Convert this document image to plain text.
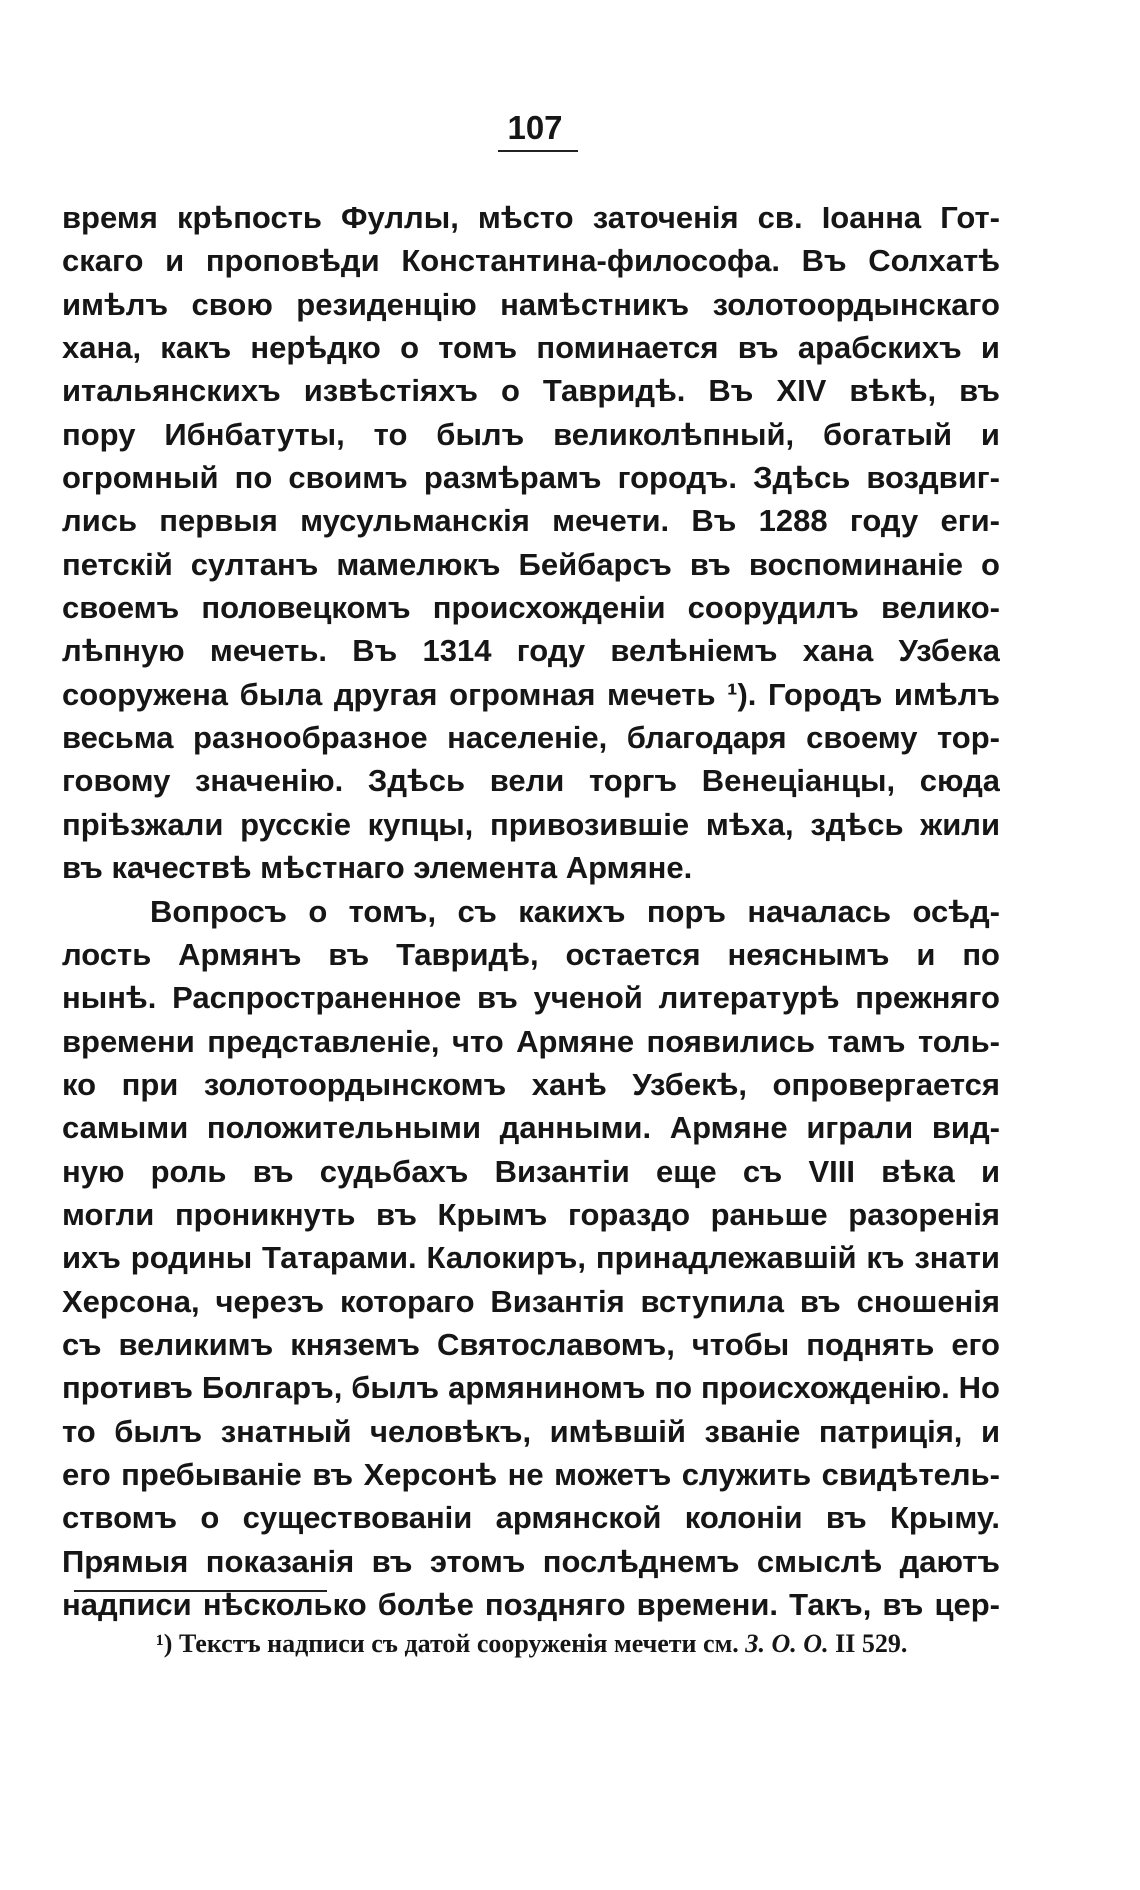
107
время крѣпость Фуллы, мѣсто заточенія св. Іоанна Гот-
скаго и проповѣди Константина-философа. Въ Солхатѣ
имѣлъ свою резиденцію намѣстникъ золотоордынскаго
хана, какъ нерѣдко о томъ поминается въ арабскихъ и
итальянскихъ извѣстіяхъ о Тавридѣ. Въ XIV вѣкѣ, въ
пору Ибнбатуты, то былъ великолѣпный, богатый и
огромный по своимъ размѣрамъ городъ. Здѣсь воздвиг-
лись первыя мусульманскія мечети. Въ 1288 году еги-
петскій султанъ мамелюкъ Бейбарсъ въ воспоминаніе о
своемъ половецкомъ происхожденіи соорудилъ велико-
лѣпную мечеть. Въ 1314 году велѣніемъ хана Узбека
сооружена была другая огромная мечеть ¹). Городъ имѣлъ
весьма разнообразное населеніе, благодаря своему тор-
говому значенію. Здѣсь вели торгъ Венеціанцы, сюда
пріѣзжали русскіе купцы, привозившіе мѣха, здѣсь жили
въ качествѣ мѣстнаго элемента Армяне.
Вопросъ о томъ, съ какихъ поръ началась осѣд-
лость Армянъ въ Тавридѣ, остается неяснымъ и по
нынѣ. Распространенное въ ученой литературѣ прежняго
времени представленіе, что Армяне появились тамъ толь-
ко при золотоордынскомъ ханѣ Узбекѣ, опровергается
самыми положительными данными. Армяне играли вид-
ную роль въ судьбахъ Византіи еще съ VIII вѣка и
могли проникнуть въ Крымъ гораздо раньше разоренія
ихъ родины Татарами. Калокиръ, принадлежавшій къ знати
Херсона, черезъ котораго Византія вступила въ сношенія
съ великимъ княземъ Святославомъ, чтобы поднять его
противъ Болгаръ, былъ армяниномъ по происхожденію. Но
то былъ знатный человѣкъ, имѣвшій званіе патриція, и
его пребываніе въ Херсонѣ не можетъ служить свидѣтель-
ствомъ о существованіи армянской колоніи въ Крыму.
Прямыя показанія въ этомъ послѣднемъ смыслѣ даютъ
надписи нѣсколько болѣе поздняго времени. Такъ, въ цер-
¹) Текстъ надписи съ датой сооруженія мечети см. З. О. О. II 529.
